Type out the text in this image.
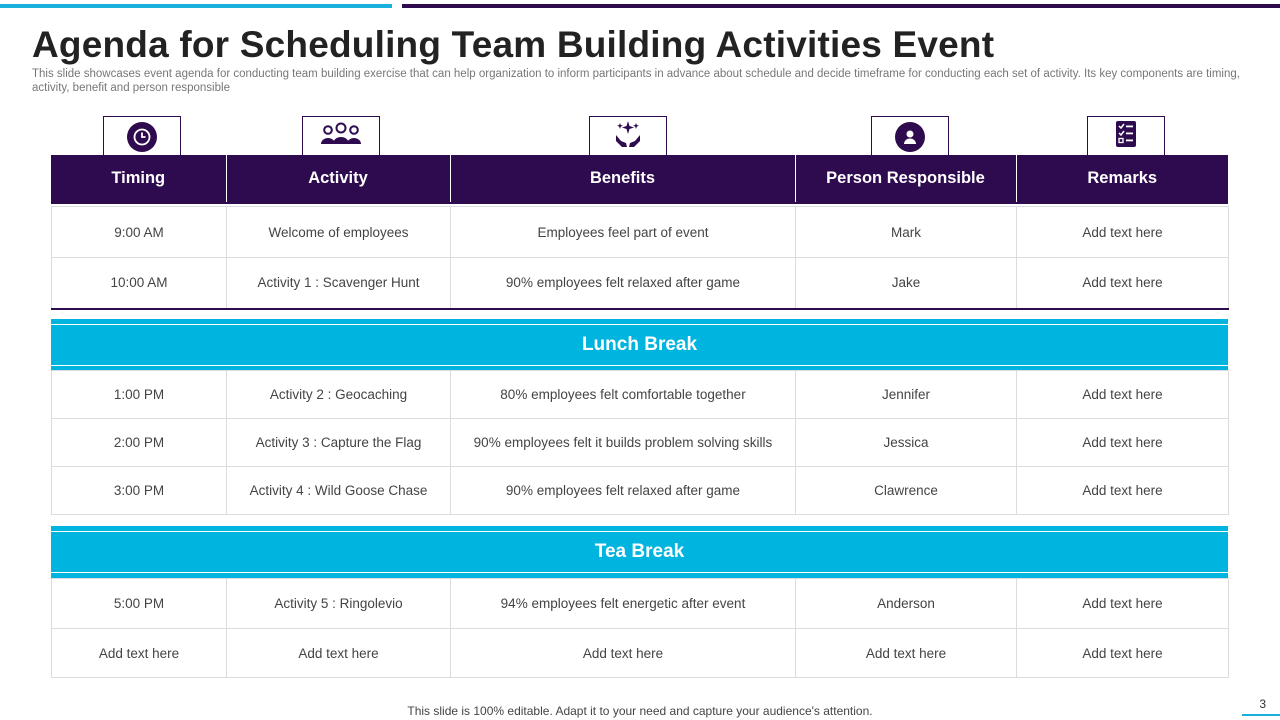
Agenda for Scheduling Team Building Activities Event
This slide showcases event agenda for conducting team building exercise that can help organization to inform participants in advance about schedule and decide timeframe for conducting each set of activity. Its key components are timing, activity, benefit and person responsible
Timing	Activity	Benefits	Person Responsible	Remarks
9:00 AM	Welcome of employees	Employees feel part of event	Mark	Add text here
10:00 AM	Activity 1 : Scavenger Hunt	90% employees felt relaxed after game	Jake	Add text here
Lunch Break
1:00 PM	Activity 2 : Geocaching	80% employees felt comfortable together	Jennifer	Add text here
2:00 PM	Activity 3 : Capture the Flag	90% employees felt it builds problem solving skills	Jessica	Add text here
3:00 PM	Activity 4 : Wild Goose Chase	90% employees felt relaxed after game	Clawrence	Add text here
Tea Break
5:00 PM	Activity 5 : Ringolevio	94% employees felt energetic after event	Anderson	Add text here
Add text here	Add text here	Add text here	Add text here	Add text here
This slide is 100% editable. Adapt it to your need and capture your audience's attention.	3
